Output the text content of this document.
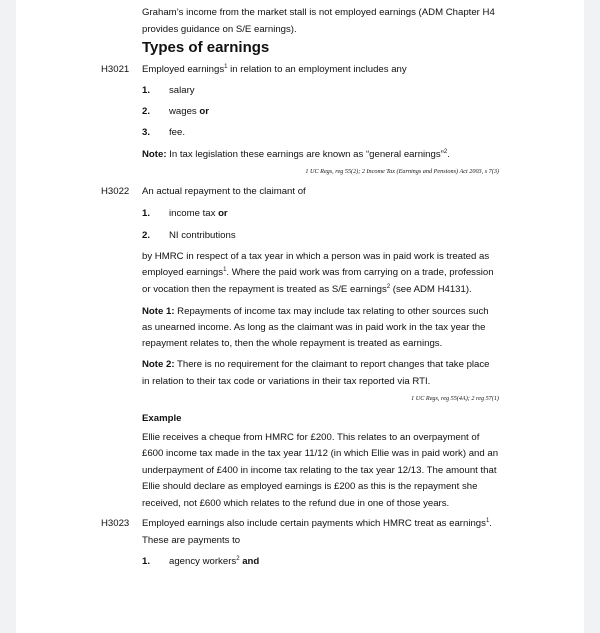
Graham’s income from the market stall is not employed earnings (ADM Chapter H4
provides guidance on S/E earnings).
Types of earnings
H3021 Employed earnings$^1$ in relation to an employment includes any
1. salary
2. wages or
3. fee.
Note: In tax legislation these earnings are known as “general earnings”$^2$.
1 UC Regs, reg 55(2); 2 Income Tax (Earnings and Pensions) Act 2003, s 7(3)
H3022 An actual repayment to the claimant of
1. income tax or
2. NI contributions
by HMRC in respect of a tax year in which a person was in paid work is treated as
employed earnings$^1$. Where the paid work was from carrying on a trade, profession
or vocation then the repayment is treated as S/E earnings$^2$ (see ADM H4131).
Note 1: Repayments of income tax may include tax relating to other sources such
as unearned income. As long as the claimant was in paid work in the tax year the
repayment relates to, then the whole repayment is treated as earnings.
Note 2: There is no requirement for the claimant to report changes that take place
in relation to their tax code or variations in their tax reported via RTI.
1 UC Regs, reg 55(4A); 2 reg 57(1)
Example
Ellie receives a cheque from HMRC for £200. This relates to an overpayment of
£600 income tax made in the tax year 11/12 (in which Ellie was in paid work) and an
underpayment of £400 in income tax relating to the tax year 12/13. The amount that
Ellie should declare as employed earnings is £200 as this is the repayment she
received, not £600 which relates to the refund due in one of those years.
H3023 Employed earnings also include certain payments which HMRC treat as earnings$^1$.
These are payments to
1. agency workers$^2$ and
